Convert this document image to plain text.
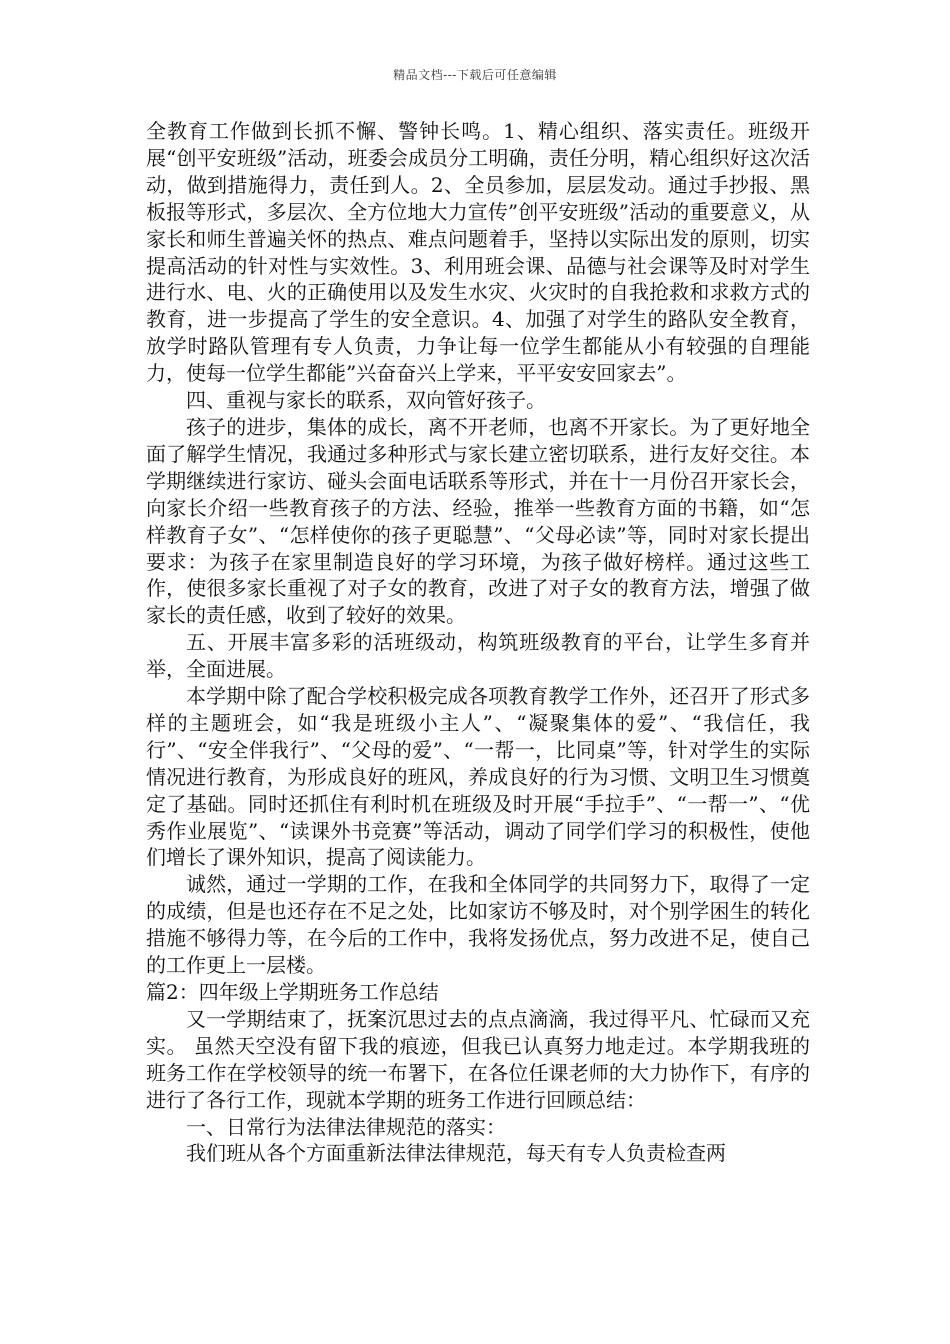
精品文档---下载后可任意编辑

全教育工作做到长抓不懈、警钟长鸣。1、精心组织、落实责任。班级开展“创平安班级”活动，班委会成员分工明确，责任分明，精心组织好这次活动，做到措施得力，责任到人。2、全员参加，层层发动。通过手抄报、黑板报等形式，多层次、全方位地大力宣传”创平安班级”活动的重要意义，从家长和师生普遍关怀的热点、难点问题着手，坚持以实际出发的原则，切实提高活动的针对性与实效性。3、利用班会课、品德与社会课等及时对学生进行水、电、火的正确使用以及发生水灾、火灾时的自我抢救和求救方式的教育，进一步提高了学生的安全意识。4、加强了对学生的路队安全教育，放学时路队管理有专人负责，力争让每一位学生都能从小有较强的自理能力，使每一位学生都能”兴奋奋兴上学来，平平安安回家去”。

四、重视与家长的联系，双向管好孩子。

孩子的进步，集体的成长，离不开老师，也离不开家长。为了更好地全面了解学生情况，我通过多种形式与家长建立密切联系，进行友好交往。本学期继续进行家访、碰头会面电话联系等形式，并在十一月份召开家长会，向家长介绍一些教育孩子的方法、经验，推举一些教育方面的书籍，如“怎样教育子女”、“怎样使你的孩子更聪慧”、“父母必读”等，同时对家长提出要求：为孩子在家里制造良好的学习环境，为孩子做好榜样。通过这些工作，使很多家长重视了对子女的教育，改进了对子女的教育方法，增强了做家长的责任感，收到了较好的效果。

五、开展丰富多彩的活班级动，构筑班级教育的平台，让学生多育并举，全面进展。

本学期中除了配合学校积极完成各项教育教学工作外，还召开了形式多样的主题班会，如“我是班级小主人”、“凝聚集体的爱”、“我信任，我行”、“安全伴我行”、“父母的爱”、“一帮一，比同桌”等，针对学生的实际情况进行教育，为形成良好的班风，养成良好的行为习惯、文明卫生习惯奠定了基础。同时还抓住有利时机在班级及时开展“手拉手”、“一帮一”、“优秀作业展览”、“读课外书竞赛”等活动，调动了同学们学习的积极性，使他们增长了课外知识，提高了阅读能力。

诚然，通过一学期的工作，在我和全体同学的共同努力下，取得了一定的成绩，但是也还存在不足之处，比如家访不够及时，对个别学困生的转化措施不够得力等，在今后的工作中，我将发扬优点，努力改进不足，使自己的工作更上一层楼。

篇2：四年级上学期班务工作总结

又一学期结束了，抚案沉思过去的点点滴滴，我过得平凡、忙碌而又充实。 虽然天空没有留下我的痕迹，但我已认真努力地走过。本学期我班的班务工作在学校领导的统一布署下，在各位任课老师的大力协作下，有序的进行了各行工作，现就本学期的班务工作进行回顾总结：

一、日常行为法律法律规范的落实：

我们班从各个方面重新法律法律规范，每天有专人负责检查两
